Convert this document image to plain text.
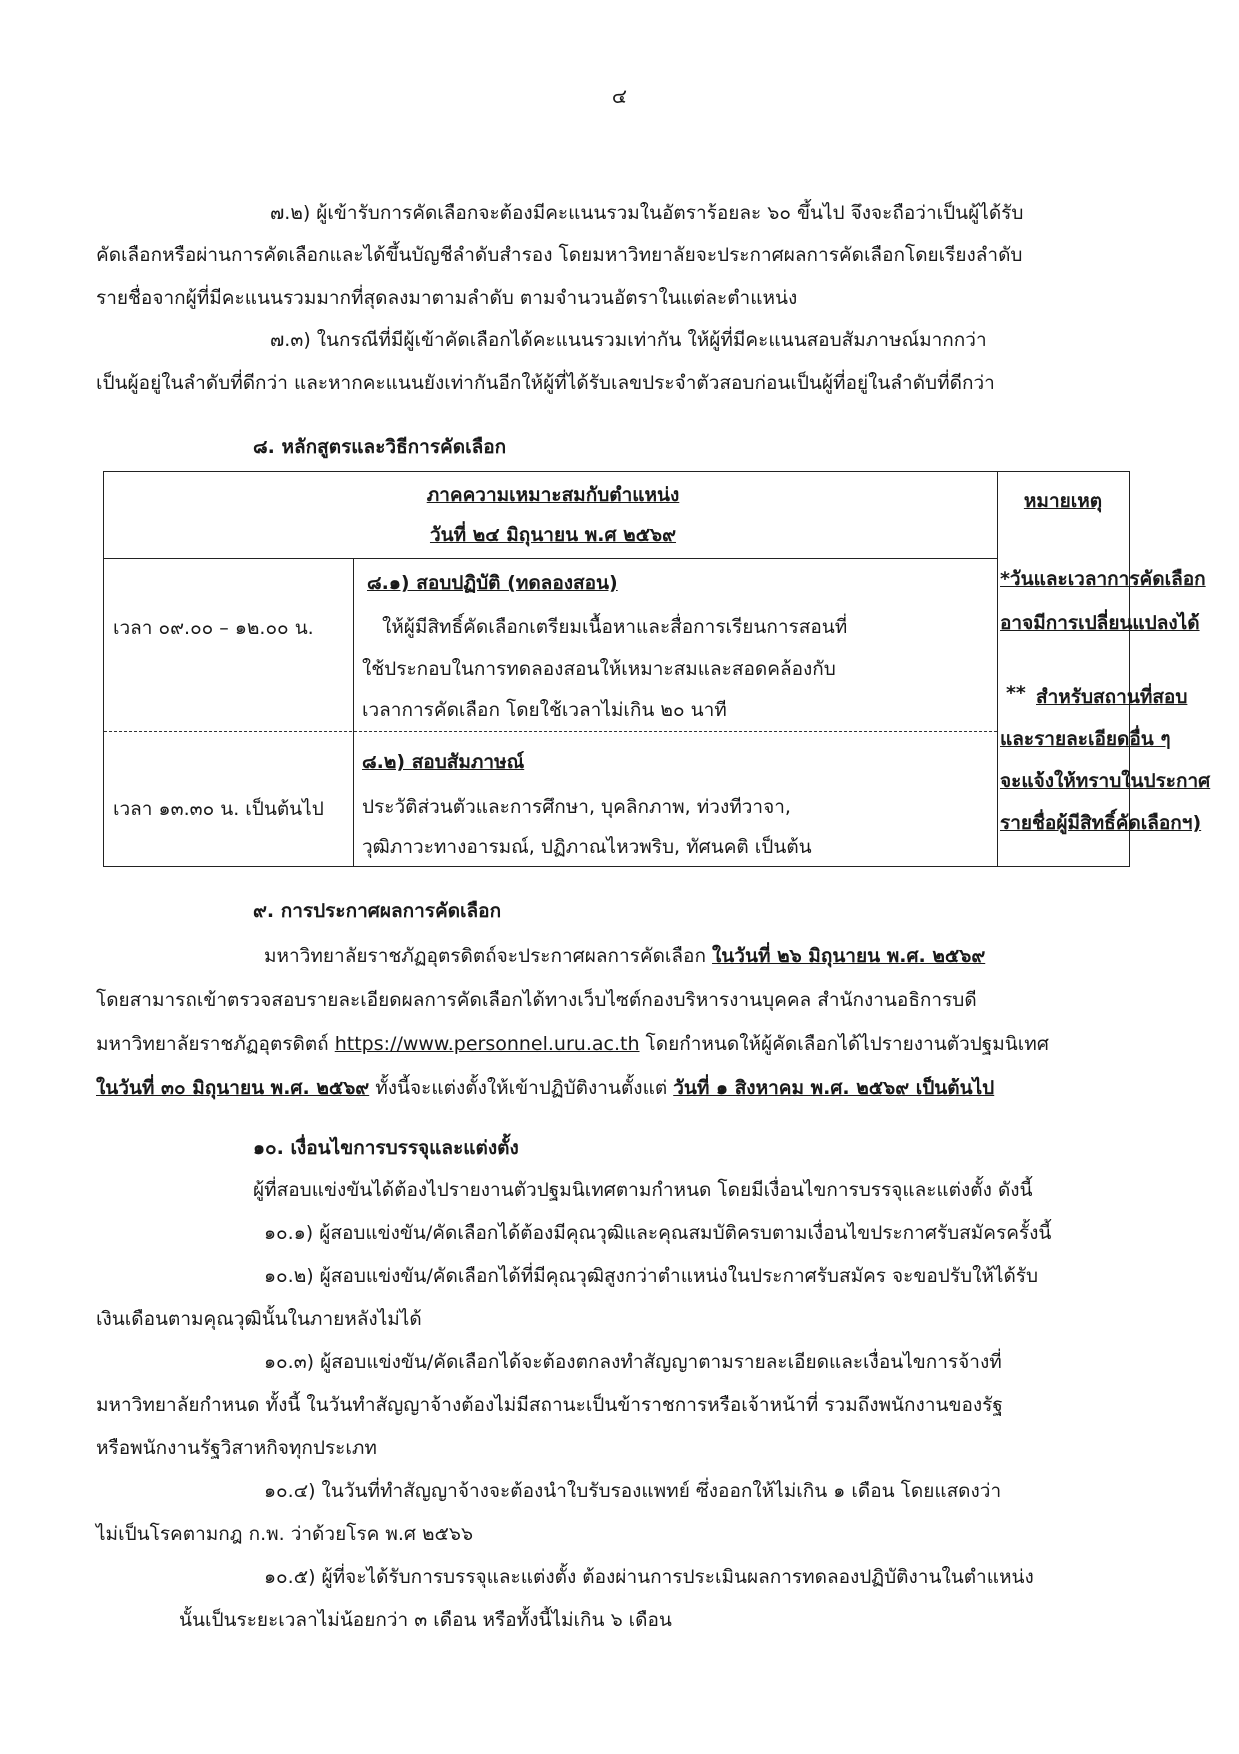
๔
๗.๒) ผู้เข้ารับการคัดเลือกจะต้องมีคะแนนรวมในอัตราร้อยละ ๖๐ ขึ้นไป จึงจะถือว่าเป็นผู้ได้รับ
คัดเลือกหรือผ่านการคัดเลือกและได้ขึ้นบัญชีลำดับสำรอง โดยมหาวิทยาลัยจะประกาศผลการคัดเลือกโดยเรียงลำดับ
รายชื่อจากผู้ที่มีคะแนนรวมมากที่สุดลงมาตามลำดับ ตามจำนวนอัตราในแต่ละตำแหน่ง
๗.๓) ในกรณีที่มีผู้เข้าคัดเลือกได้คะแนนรวมเท่ากัน ให้ผู้ที่มีคะแนนสอบสัมภาษณ์มากกว่า
เป็นผู้อยู่ในลำดับที่ดีกว่า และหากคะแนนยังเท่ากันอีกให้ผู้ที่ได้รับเลขประจำตัวสอบก่อนเป็นผู้ที่อยู่ในลำดับที่ดีกว่า
๘. หลักสูตรและวิธีการคัดเลือก
ภาคความเหมาะสมกับตำแหน่ง
วันที่ ๒๔ มิถุนายน พ.ศ ๒๕๖๙
หมายเหตุ
เวลา ๐๙.๐๐ – ๑๒.๐๐ น.
๘.๑) สอบปฏิบัติ (ทดลองสอน)
ให้ผู้มีสิทธิ์คัดเลือกเตรียมเนื้อหาและสื่อการเรียนการสอนที่
ใช้ประกอบในการทดลองสอนให้เหมาะสมและสอดคล้องกับ
เวลาการคัดเลือก โดยใช้เวลาไม่เกิน ๒๐ นาที
เวลา ๑๓.๓๐ น. เป็นต้นไป
๘.๒) สอบสัมภาษณ์
ประวัติส่วนตัวและการศึกษา, บุคลิกภาพ, ท่วงทีวาจา,
วุฒิภาวะทางอารมณ์, ปฏิภาณไหวพริบ, ทัศนคติ เป็นต้น
*วันและเวลาการคัดเลือก
อาจมีการเปลี่ยนแปลงได้
** สำหรับสถานที่สอบ
และรายละเอียดอื่น ๆ
จะแจ้งให้ทราบในประกาศ
รายชื่อผู้มีสิทธิ์คัดเลือกฯ)
๙. การประกาศผลการคัดเลือก
มหาวิทยาลัยราชภัฏอุตรดิตถ์จะประกาศผลการคัดเลือก ในวันที่ ๒๖ มิถุนายน พ.ศ. ๒๕๖๙
โดยสามารถเข้าตรวจสอบรายละเอียดผลการคัดเลือกได้ทางเว็บไซต์กองบริหารงานบุคคล สำนักงานอธิการบดี
มหาวิทยาลัยราชภัฏอุตรดิตถ์ https://www.personnel.uru.ac.th โดยกำหนดให้ผู้คัดเลือกได้ไปรายงานตัวปฐมนิเทศ
ในวันที่ ๓๐ มิถุนายน พ.ศ. ๒๕๖๙ ทั้งนี้จะแต่งตั้งให้เข้าปฏิบัติงานตั้งแต่ วันที่ ๑ สิงหาคม พ.ศ. ๒๕๖๙ เป็นต้นไป
๑๐. เงื่อนไขการบรรจุและแต่งตั้ง
ผู้ที่สอบแข่งขันได้ต้องไปรายงานตัวปฐมนิเทศตามกำหนด โดยมีเงื่อนไขการบรรจุและแต่งตั้ง ดังนี้
๑๐.๑) ผู้สอบแข่งขัน/คัดเลือกได้ต้องมีคุณวุฒิและคุณสมบัติครบตามเงื่อนไขประกาศรับสมัครครั้งนี้
๑๐.๒) ผู้สอบแข่งขัน/คัดเลือกได้ที่มีคุณวุฒิสูงกว่าตำแหน่งในประกาศรับสมัคร จะขอปรับให้ได้รับ
เงินเดือนตามคุณวุฒินั้นในภายหลังไม่ได้
๑๐.๓) ผู้สอบแข่งขัน/คัดเลือกได้จะต้องตกลงทำสัญญาตามรายละเอียดและเงื่อนไขการจ้างที่
มหาวิทยาลัยกำหนด ทั้งนี้ ในวันทำสัญญาจ้างต้องไม่มีสถานะเป็นข้าราชการหรือเจ้าหน้าที่ รวมถึงพนักงานของรัฐ
หรือพนักงานรัฐวิสาหกิจทุกประเภท
๑๐.๔) ในวันที่ทำสัญญาจ้างจะต้องนำใบรับรองแพทย์ ซึ่งออกให้ไม่เกิน ๑ เดือน โดยแสดงว่า
ไม่เป็นโรคตามกฎ ก.พ. ว่าด้วยโรค พ.ศ ๒๕๖๖
๑๐.๕) ผู้ที่จะได้รับการบรรจุและแต่งตั้ง ต้องผ่านการประเมินผลการทดลองปฏิบัติงานในตำแหน่ง
นั้นเป็นระยะเวลาไม่น้อยกว่า ๓ เดือน หรือทั้งนี้ไม่เกิน ๖ เดือน
